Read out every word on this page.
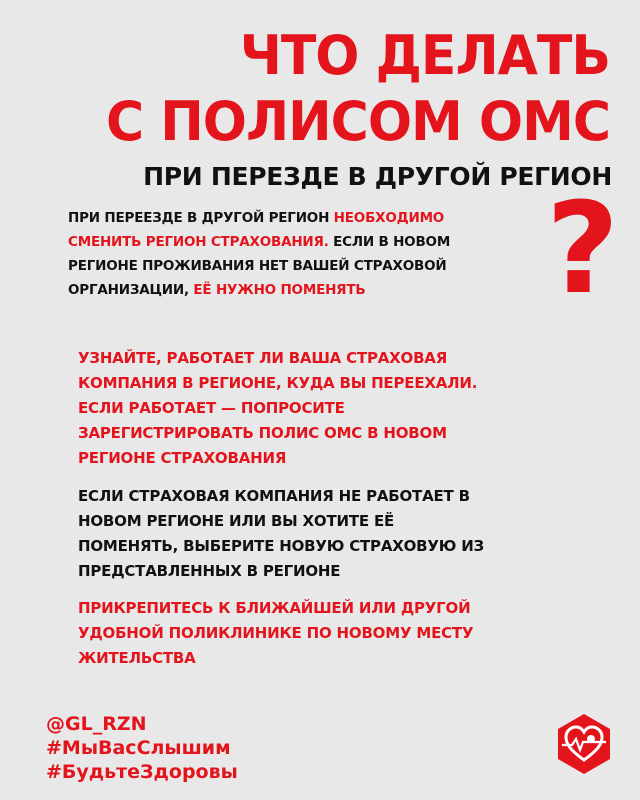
ЧТО ДЕЛАТЬ
С ПОЛИСОМ ОМС
ПРИ ПЕРЕЗДЕ В ДРУГОЙ РЕГИОН
ПРИ ПЕРЕЕЗДЕ В ДРУГОЙ РЕГИОН НЕОБХОДИМО
СМЕНИТЬ РЕГИОН СТРАХОВАНИЯ. ЕСЛИ В НОВОМ
РЕГИОНЕ ПРОЖИВАНИЯ НЕТ ВАШЕЙ СТРАХОВОЙ
ОРГАНИЗАЦИИ, ЕЁ НУЖНО ПОМЕНЯТЬ	?
УЗНАЙТЕ, РАБОТАЕТ ЛИ ВАША СТРАХОВАЯ
КОМПАНИЯ В РЕГИОНЕ, КУДА ВЫ ПЕРЕЕХАЛИ.
ЕСЛИ РАБОТАЕТ — ПОПРОСИТЕ
ЗАРЕГИСТРИРОВАТЬ ПОЛИС ОМС В НОВОМ
РЕГИОНЕ СТРАХОВАНИЯ
ЕСЛИ СТРАХОВАЯ КОМПАНИЯ НЕ РАБОТАЕТ В
НОВОМ РЕГИОНЕ ИЛИ ВЫ ХОТИТЕ ЕЁ
ПОМЕНЯТЬ, ВЫБЕРИТЕ НОВУЮ СТРАХОВУЮ ИЗ
ПРЕДСТАВЛЕННЫХ В РЕГИОНЕ
ПРИКРЕПИТЕСЬ К БЛИЖАЙШЕЙ ИЛИ ДРУГОЙ
УДОБНОЙ ПОЛИКЛИНИКЕ ПО НОВОМУ МЕСТУ
ЖИТЕЛЬСТВА
@GL_RZN
#МыВасСлышим
#БудьтеЗдоровы
